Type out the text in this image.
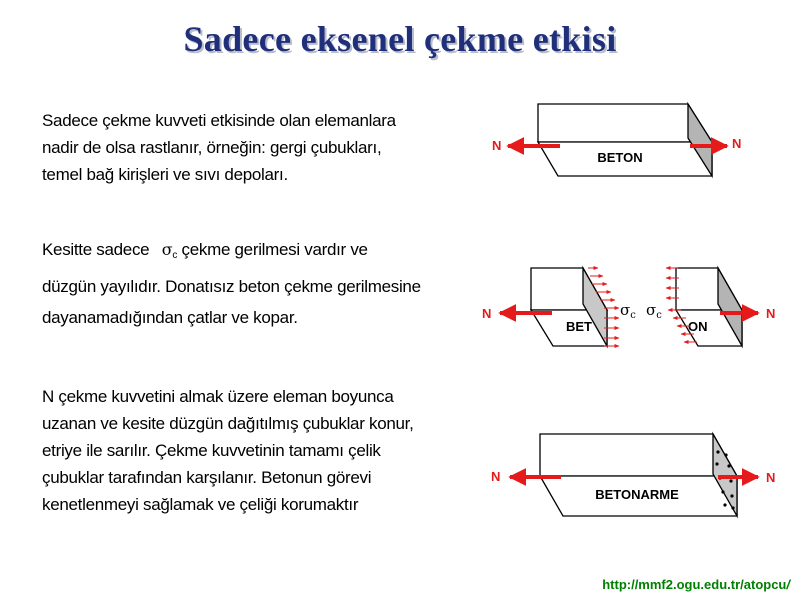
Sadece eksenel çekme etkisi
Sadece çekme kuvveti etkisinde olan elemanlara
nadir de olsa rastlanır, örneğin: gergi çubukları,
temel bağ kirişleri ve sıvı depoları.
Kesitte sadece $\sigma_c$ çekme gerilmesi vardır ve
düzgün yayılıdır. Donatısız beton çekme gerilmesine
dayanamadığından çatlar ve kopar.
N çekme kuvvetini almak üzere eleman boyunca
uzanan ve kesite düzgün dağıtılmış çubuklar konur,
etriye ile sarılır. Çekme kuvvetinin tamamı çelik
çubuklar tarafından karşılanır. Betonun görevi
kenetlenmeyi sağlamak ve çeliği korumaktır
BETON
N	N
BET	ON
$\sigma_c$ $\sigma_c$
N	N
BETONARME
N	N
http://mmf2.ogu.edu.tr/atopcu/
